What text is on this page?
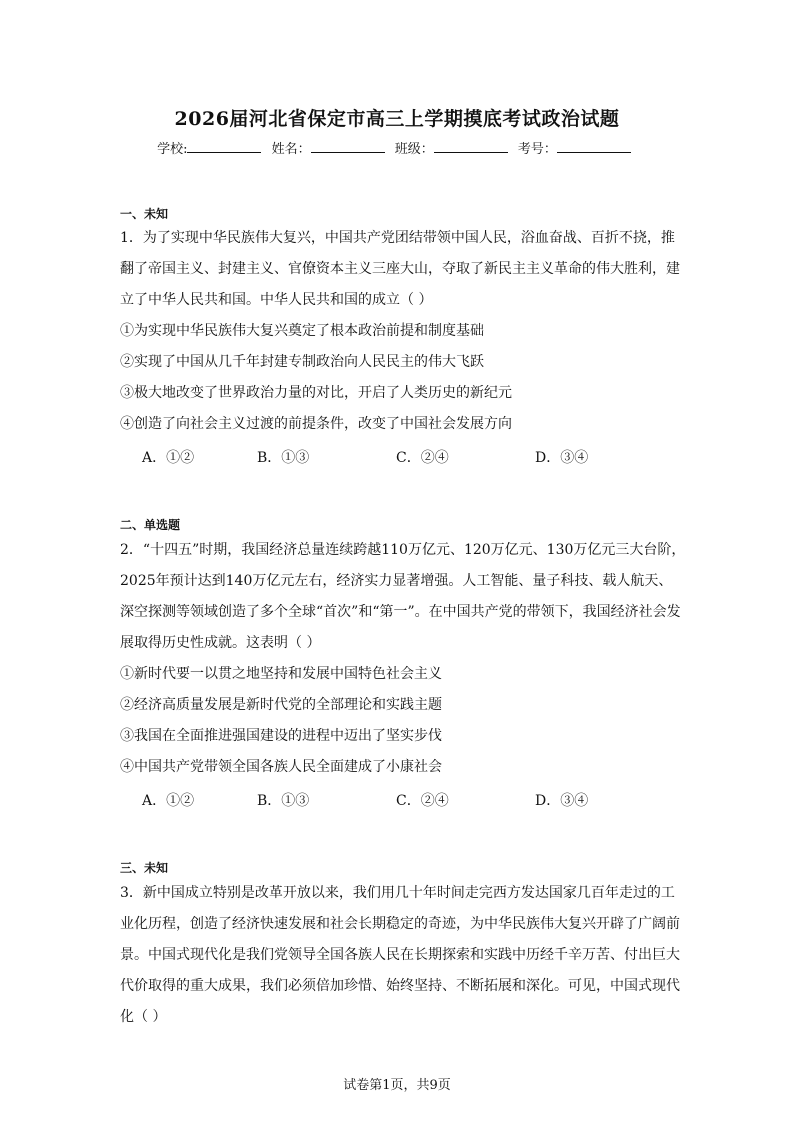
2026届河北省保定市高三上学期摸底考试政治试题
学校:	姓名：	班级：	考号：
一、未知
1．为了实现中华民族伟大复兴，中国共产党团结带领中国人民，浴血奋战、百折不挠，推
翻了帝国主义、封建主义、官僚资本主义三座大山，夺取了新民主主义革命的伟大胜利，建
立了中华人民共和国。中华人民共和国的成立（ ）
①为实现中华民族伟大复兴奠定了根本政治前提和制度基础
②实现了中国从几千年封建专制政治向人民民主的伟大飞跃
③极大地改变了世界政治力量的对比，开启了人类历史的新纪元
④创造了向社会主义过渡的前提条件，改变了中国社会发展方向
A．①②	B．①③	C．②④	D．③④
二、单选题
2．“十四五”时期，我国经济总量连续跨越110万亿元、120万亿元、130万亿元三大台阶，
2025年预计达到140万亿元左右，经济实力显著增强。人工智能、量子科技、载人航天、
深空探测等领域创造了多个全球“首次”和“第一”。在中国共产党的带领下，我国经济社会发
展取得历史性成就。这表明（ ）
①新时代要一以贯之地坚持和发展中国特色社会主义
②经济高质量发展是新时代党的全部理论和实践主题
③我国在全面推进强国建设的进程中迈出了坚实步伐
④中国共产党带领全国各族人民全面建成了小康社会
A．①②	B．①③	C．②④	D．③④
三、未知
3．新中国成立特别是改革开放以来，我们用几十年时间走完西方发达国家几百年走过的工
业化历程，创造了经济快速发展和社会长期稳定的奇迹，为中华民族伟大复兴开辟了广阔前
景。中国式现代化是我们党领导全国各族人民在长期探索和实践中历经千辛万苦、付出巨大
代价取得的重大成果，我们必须倍加珍惜、始终坚持、不断拓展和深化。可见，中国式现代
化（ ）
试卷第1页，共9页
